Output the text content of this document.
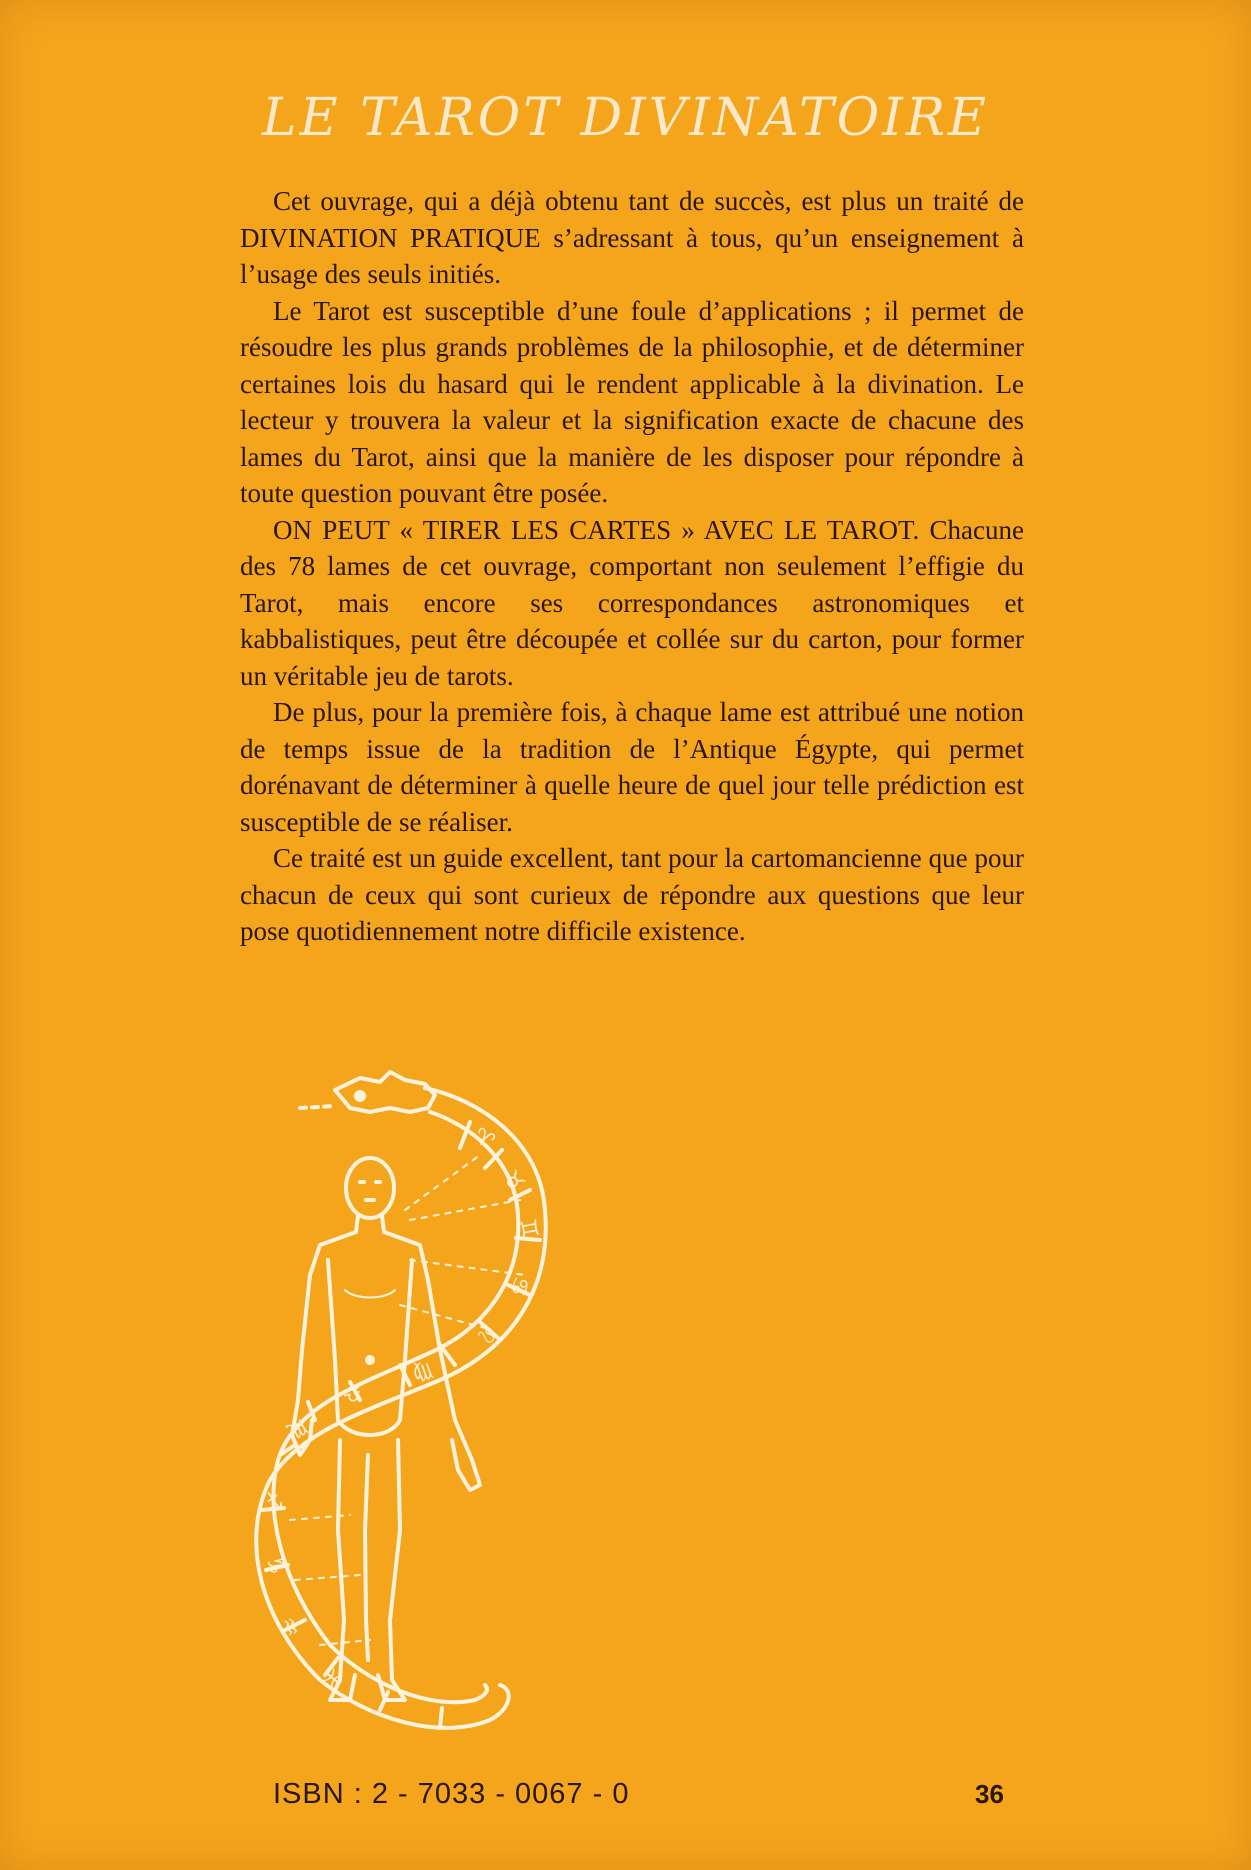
LE TAROT DIVINATOIRE

Cet ouvrage, qui a déjà obtenu tant de succès, est plus un traité de DIVINATION PRATIQUE s’adressant à tous, qu’un enseignement à l’usage des seuls initiés.

Le Tarot est susceptible d’une foule d’applications ; il permet de résoudre les plus grands problèmes de la philosophie, et de déterminer certaines lois du hasard qui le rendent applicable à la divination. Le lecteur y trouvera la valeur et la signification exacte de chacune des lames du Tarot, ainsi que la manière de les disposer pour répondre à toute question pouvant être posée.

ON PEUT « TIRER LES CARTES » AVEC LE TAROT. Chacune des 78 lames de cet ouvrage, comportant non seulement l’effigie du Tarot, mais encore ses correspondances astronomiques et kabbalistiques, peut être découpée et collée sur du carton, pour former un véritable jeu de tarots.

De plus, pour la première fois, à chaque lame est attribué une notion de temps issue de la tradition de l’Antique Égypte, qui permet dorénavant de déterminer à quelle heure de quel jour telle prédiction est susceptible de se réaliser.

Ce traité est un guide excellent, tant pour la cartomancienne que pour chacun de ceux qui sont curieux de répondre aux questions que leur pose quotidiennement notre difficile existence.

♈
♉
♊
♋
♌
♍
♎
♏
♐
♑
♒
♓
ISBN : 2 - 7033 - 0067 - 0	36
